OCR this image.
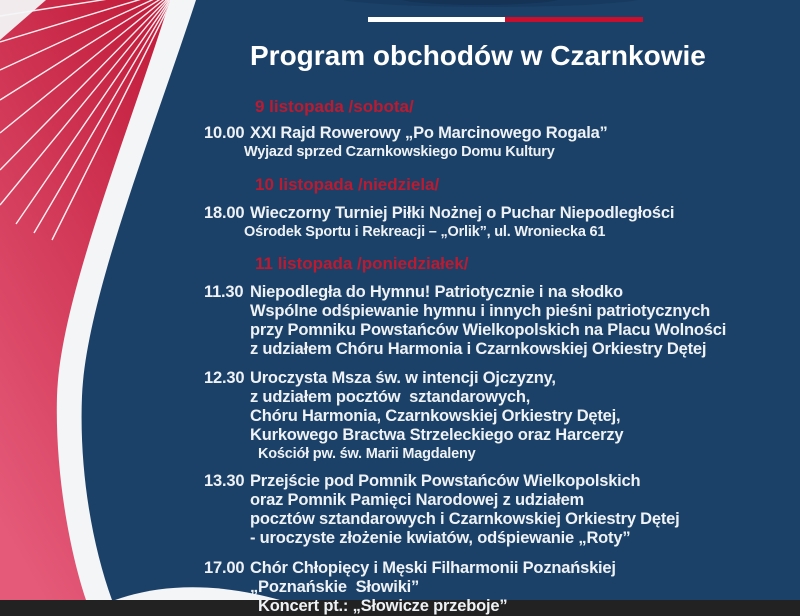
Program obchodów w Czarnkowie
9 listopada /sobota/
10.00 XXI Rajd Rowerowy „Po Marcinowego Rogala”
Wyjazd sprzed Czarnkowskiego Domu Kultury
10 listopada /niedziela/
18.00 Wieczorny Turniej Piłki Nożnej o Puchar Niepodległości
Ośrodek Sportu i Rekreacji – „Orlik”, ul. Wroniecka 61
11 listopada /poniedziałek/
11.30 Niepodległa do Hymnu! Patriotycznie i na słodko
Wspólne odśpiewanie hymnu i innych pieśni patriotycznych
przy Pomniku Powstańców Wielkopolskich na Placu Wolności
z udziałem Chóru Harmonia i Czarnkowskiej Orkiestry Dętej
12.30 Uroczysta Msza św. w intencji Ojczyzny,
z udziałem pocztów  sztandarowych,
Chóru Harmonia, Czarnkowskiej Orkiestry Dętej,
Kurkowego Bractwa Strzeleckiego oraz Harcerzy
Kościół pw. św. Marii Magdaleny
13.30 Przejście pod Pomnik Powstańców Wielkopolskich
oraz Pomnik Pamięci Narodowej z udziałem
pocztów sztandarowych i Czarnkowskiej Orkiestry Dętej
- uroczyste złożenie kwiatów, odśpiewanie „Roty”
17.00 Chór Chłopięcy i Męski Filharmonii Poznańskiej
„Poznańskie  Słowiki”
Koncert pt.: „Słowicze przeboje”
